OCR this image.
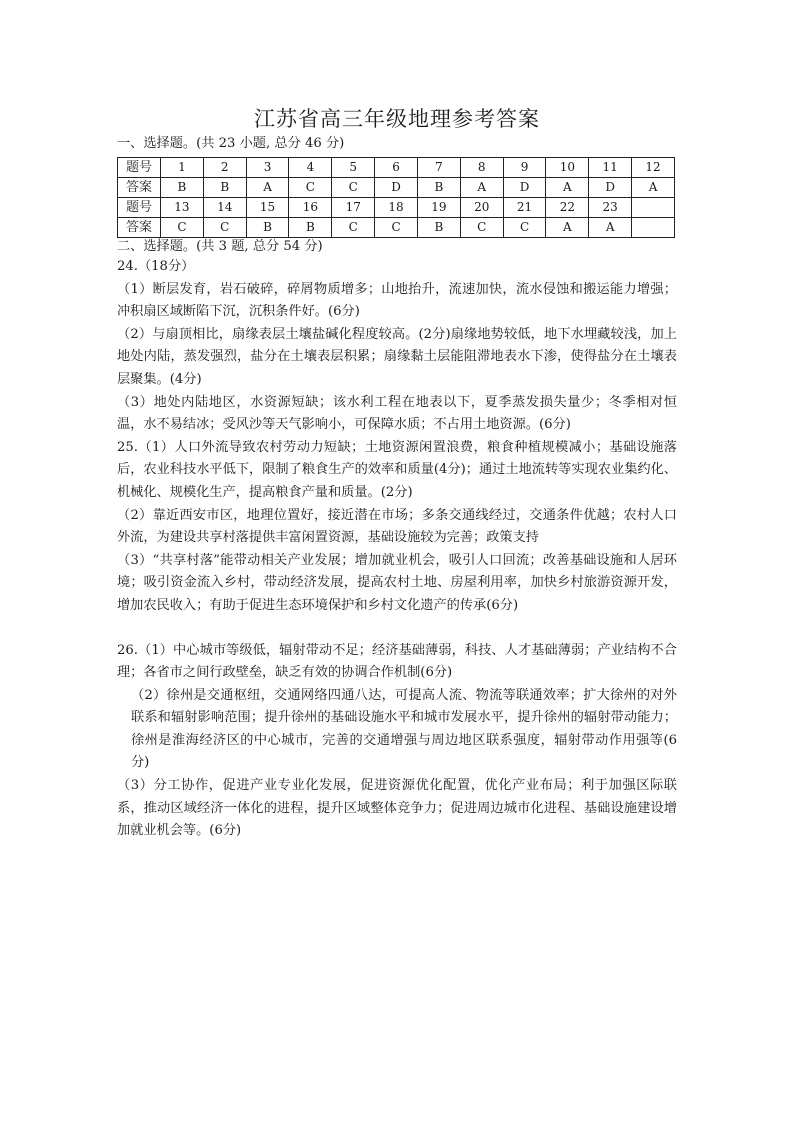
江苏省高三年级地理参考答案
一、选择题。(共 23 小题, 总分 46 分)
题号	1	2	3	4	5	6	7	8	9	10	11	12
答案	B	B	A	C	C	D	B	A	D	A	D	A
题号	13	14	15	16	17	18	19	20	21	22	23	
答案	C	C	B	B	C	C	B	C	C	A	A	
二、选择题。(共 3 题, 总分 54 分)

24.（18分）

（1）断层发育，岩石破碎，碎屑物质增多；山地抬升，流速加快，流水侵蚀和搬运能力增强；冲积扇区域断陷下沉，沉积条件好。(6分)

（2）与扇顶相比，扇缘表层土壤盐碱化程度较高。(2分)扇缘地势较低，地下水埋藏较浅，加上地处内陆，蒸发强烈，盐分在土壤表层积累；扇缘黏土层能阻滞地表水下渗，使得盐分在土壤表层聚集。(4分)

（3）地处内陆地区，水资源短缺；该水利工程在地表以下，夏季蒸发损失量少；冬季相对恒温，水不易结冰；受风沙等天气影响小，可保障水质；不占用土地资源。(6分)

25.（1）人口外流导致农村劳动力短缺；土地资源闲置浪费，粮食种植规模减小；基础设施落后，农业科技水平低下，限制了粮食生产的效率和质量(4分)；通过土地流转等实现农业集约化、机械化、规模化生产，提高粮食产量和质量。(2分)

（2）靠近西安市区，地理位置好，接近潜在市场；多条交通线经过，交通条件优越；农村人口外流，为建设共享村落提供丰富闲置资源，基础设施较为完善；政策支持

（3）“共享村落”能带动相关产业发展；增加就业机会，吸引人口回流；改善基础设施和人居环境；吸引资金流入乡村，带动经济发展，提高农村土地、房屋利用率，加快乡村旅游资源开发，增加农民收入；有助于促进生态环境保护和乡村文化遗产的传承(6分)

26.（1）中心城市等级低，辐射带动不足；经济基础薄弱，科技、人才基础薄弱；产业结构不合理；各省市之间行政壁垒，缺乏有效的协调合作机制(6分)

（2）徐州是交通枢纽，交通网络四通八达，可提高人流、物流等联通效率；扩大徐州的对外联系和辐射影响范围；提升徐州的基础设施水平和城市发展水平，提升徐州的辐射带动能力；徐州是淮海经济区的中心城市，完善的交通增强与周边地区联系强度，辐射带动作用强等(6分)

（3）分工协作，促进产业专业化发展，促进资源优化配置，优化产业布局；利于加强区际联系，推动区域经济一体化的进程，提升区域整体竞争力；促进周边城市化进程、基础设施建设增加就业机会等。(6分)
